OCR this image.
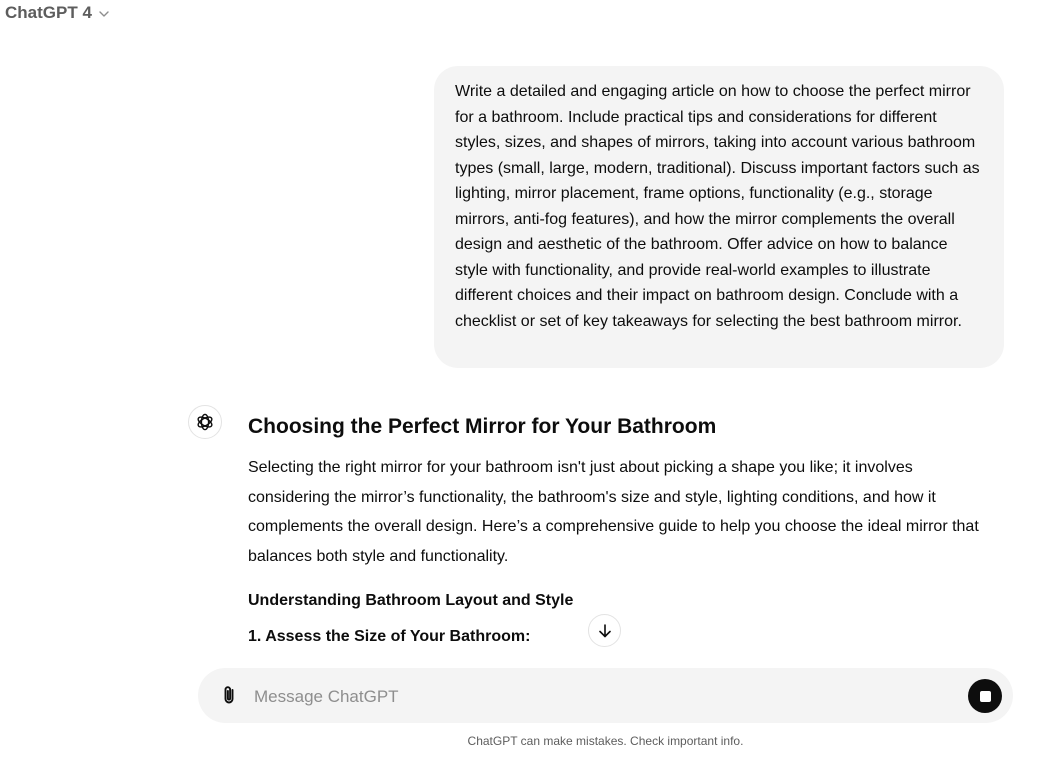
ChatGPT 4
Write a detailed and engaging article on how to choose the perfect mirror for a bathroom. Include practical tips and considerations for different styles, sizes, and shapes of mirrors, taking into account various bathroom types (small, large, modern, traditional). Discuss important factors such as lighting, mirror placement, frame options, functionality (e.g., storage mirrors, anti-fog features), and how the mirror complements the overall design and aesthetic of the bathroom. Offer advice on how to balance style with functionality, and provide real-world examples to illustrate different choices and their impact on bathroom design. Conclude with a checklist or set of key takeaways for selecting the best bathroom mirror.
Choosing the Perfect Mirror for Your Bathroom

Selecting the right mirror for your bathroom isn't just about picking a shape you like; it involves considering the mirror’s functionality, the bathroom's size and style, lighting conditions, and how it complements the overall design. Here’s a comprehensive guide to help you choose the ideal mirror that balances both style and functionality.

Understanding Bathroom Layout and Style
1. Assess the Size of Your Bathroom:
Message ChatGPT
ChatGPT can make mistakes. Check important info.
